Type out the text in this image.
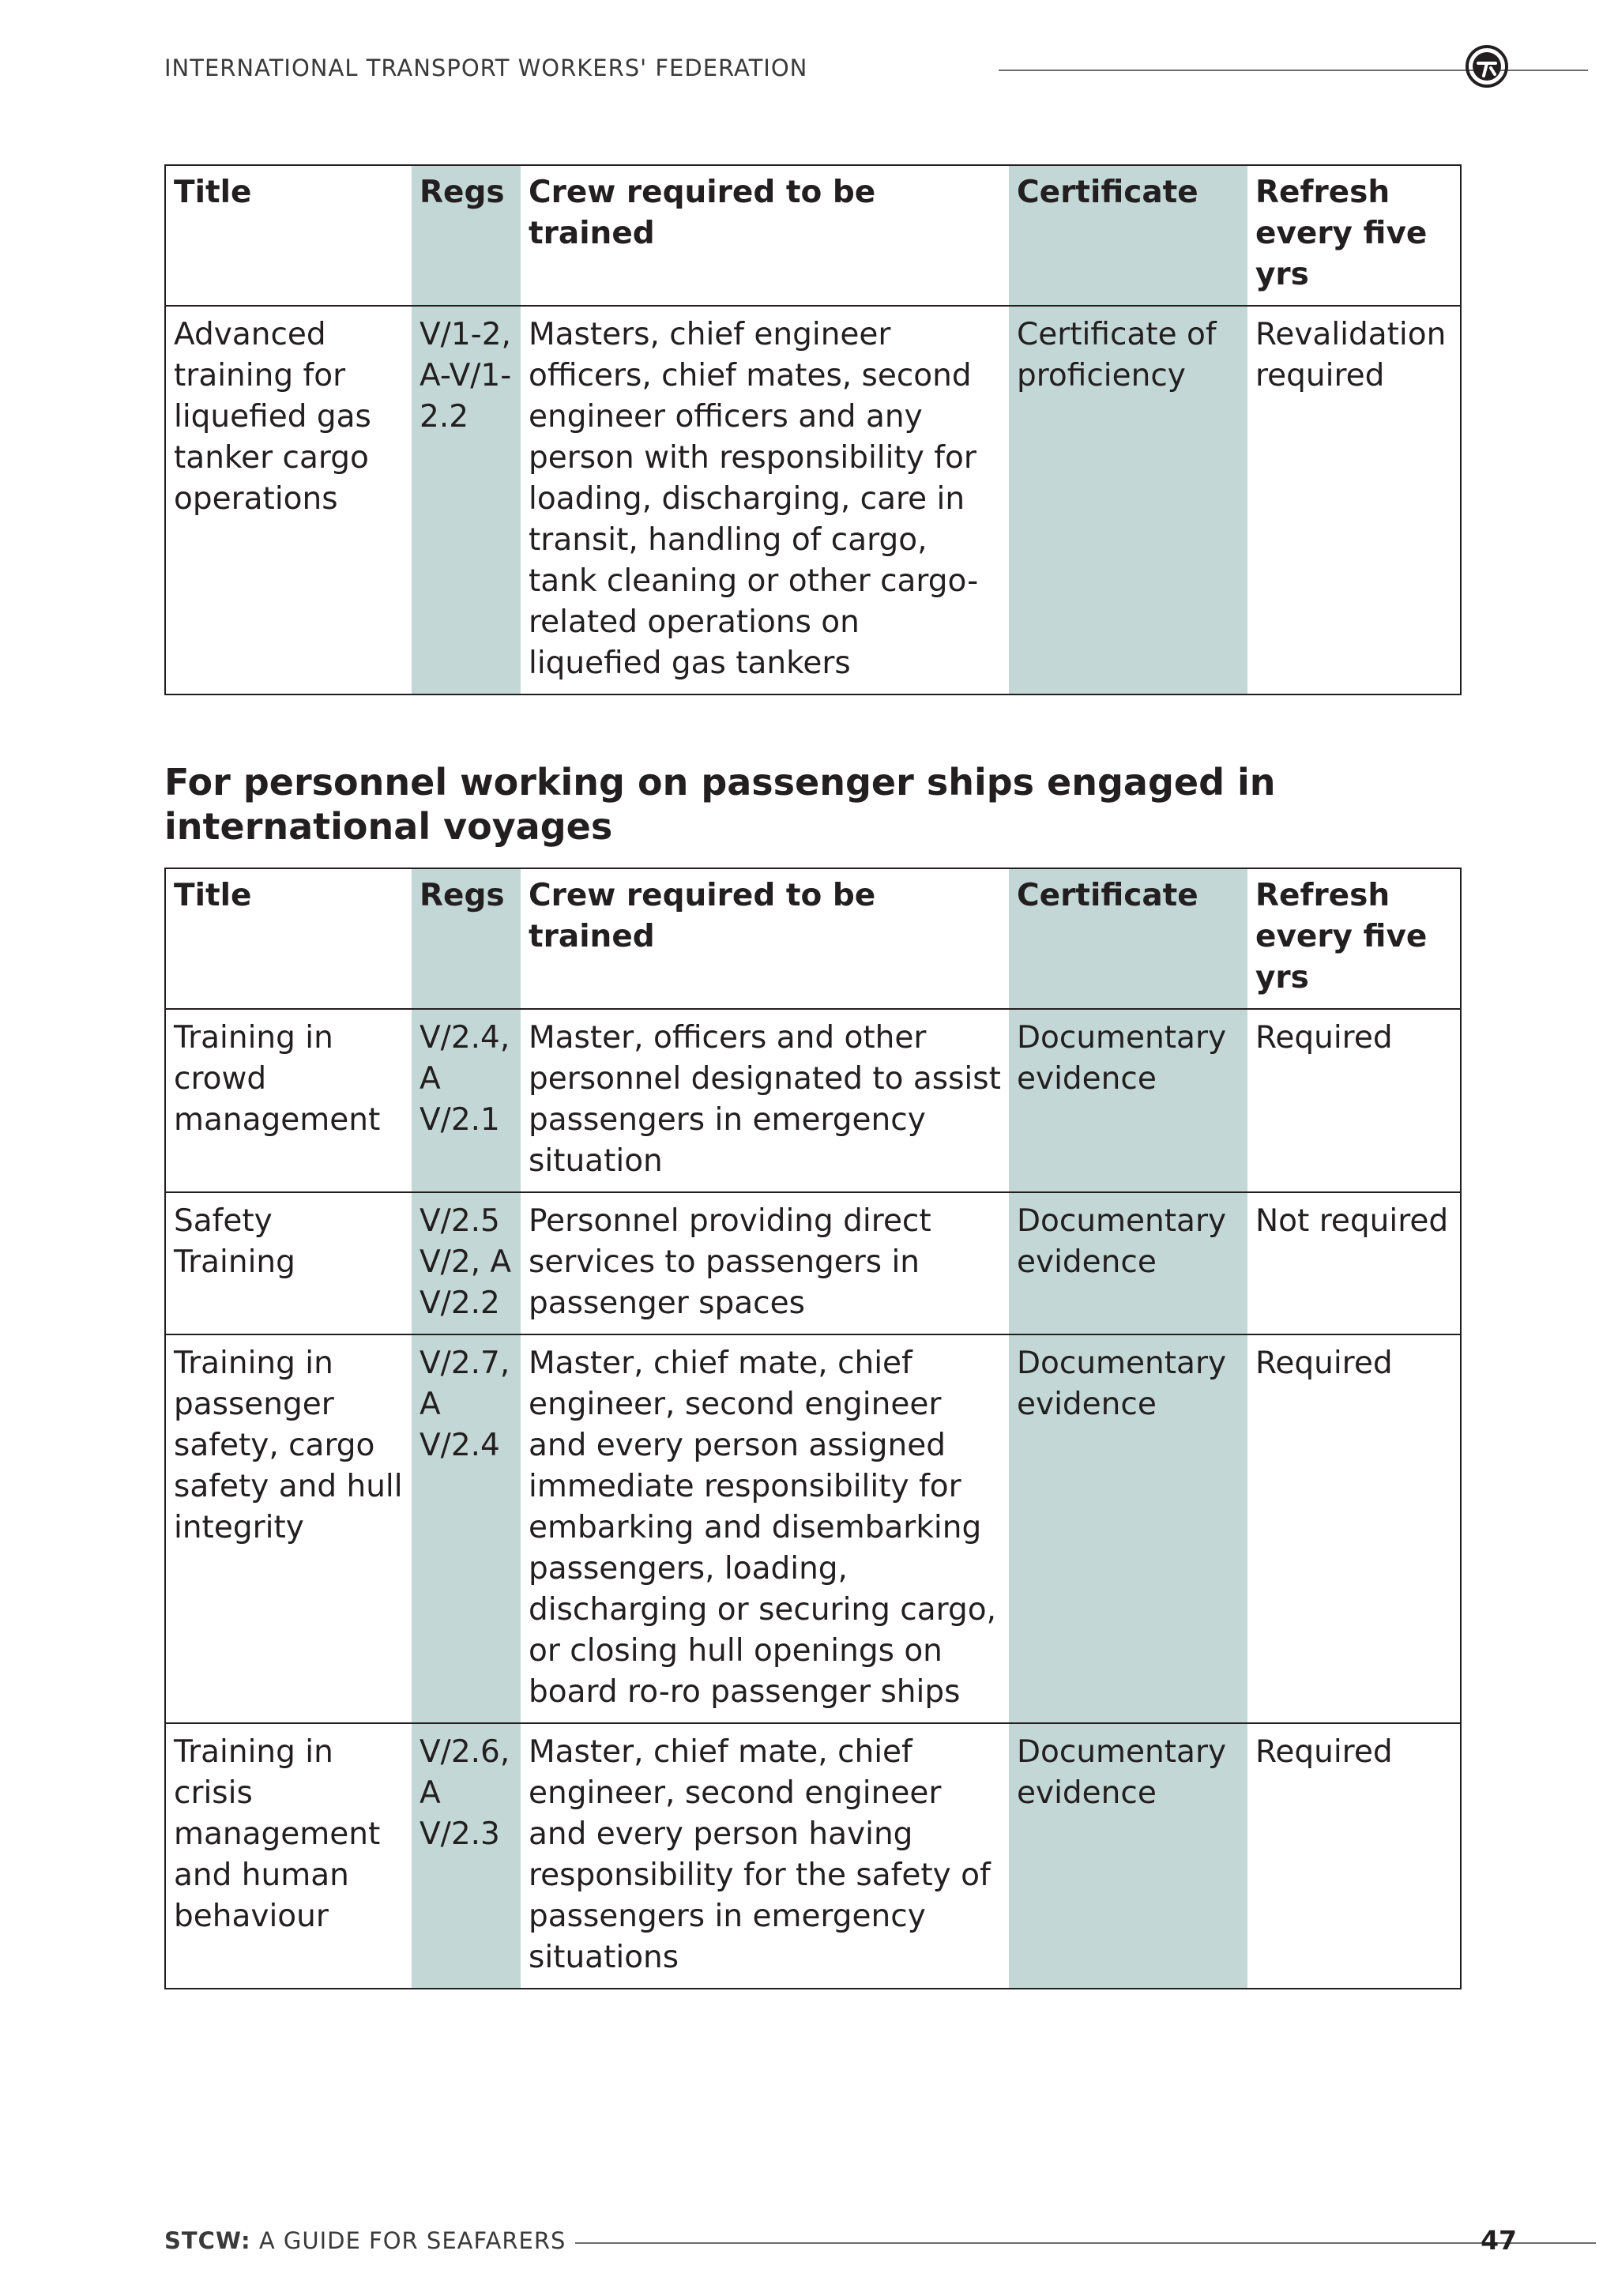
INTERNATIONAL TRANSPORT WORKERS' FEDERATION
Title	Regs	Crew required to be trained	Certificate	Refresh every five yrs
Advanced training for liquefied gas tanker cargo operations	V/1-2, A-V/1-2.2	Masters, chief engineer officers, chief mates, second engineer officers and any person with responsibility for loading, discharging, care in transit, handling of cargo, tank cleaning or other cargo-related operations on liquefied gas tankers	Certificate of proficiency	Revalidation required
For personnel working on passenger ships engaged in international voyages
Title	Regs	Crew required to be trained	Certificate	Refresh every five yrs
Training in crowd management	V/2.4, A V/2.1	Master, officers and other personnel designated to assist passengers in emergency situation	Documentary evidence	Required
Safety Training	V/2.5 V/2, A V/2.2	Personnel providing direct services to passengers in passenger spaces	Documentary evidence	Not required
Training in passenger safety, cargo safety and hull integrity	V/2.7, A V/2.4	Master, chief mate, chief engineer, second engineer and every person assigned immediate responsibility for embarking and disembarking passengers, loading, discharging or securing cargo, or closing hull openings on board ro-ro passenger ships	Documentary evidence	Required
Training in crisis management and human behaviour	V/2.6, A V/2.3	Master, chief mate, chief engineer, second engineer and every person having responsibility for the safety of passengers in emergency situations	Documentary evidence	Required
STCW: A GUIDE FOR SEAFARERS	47
